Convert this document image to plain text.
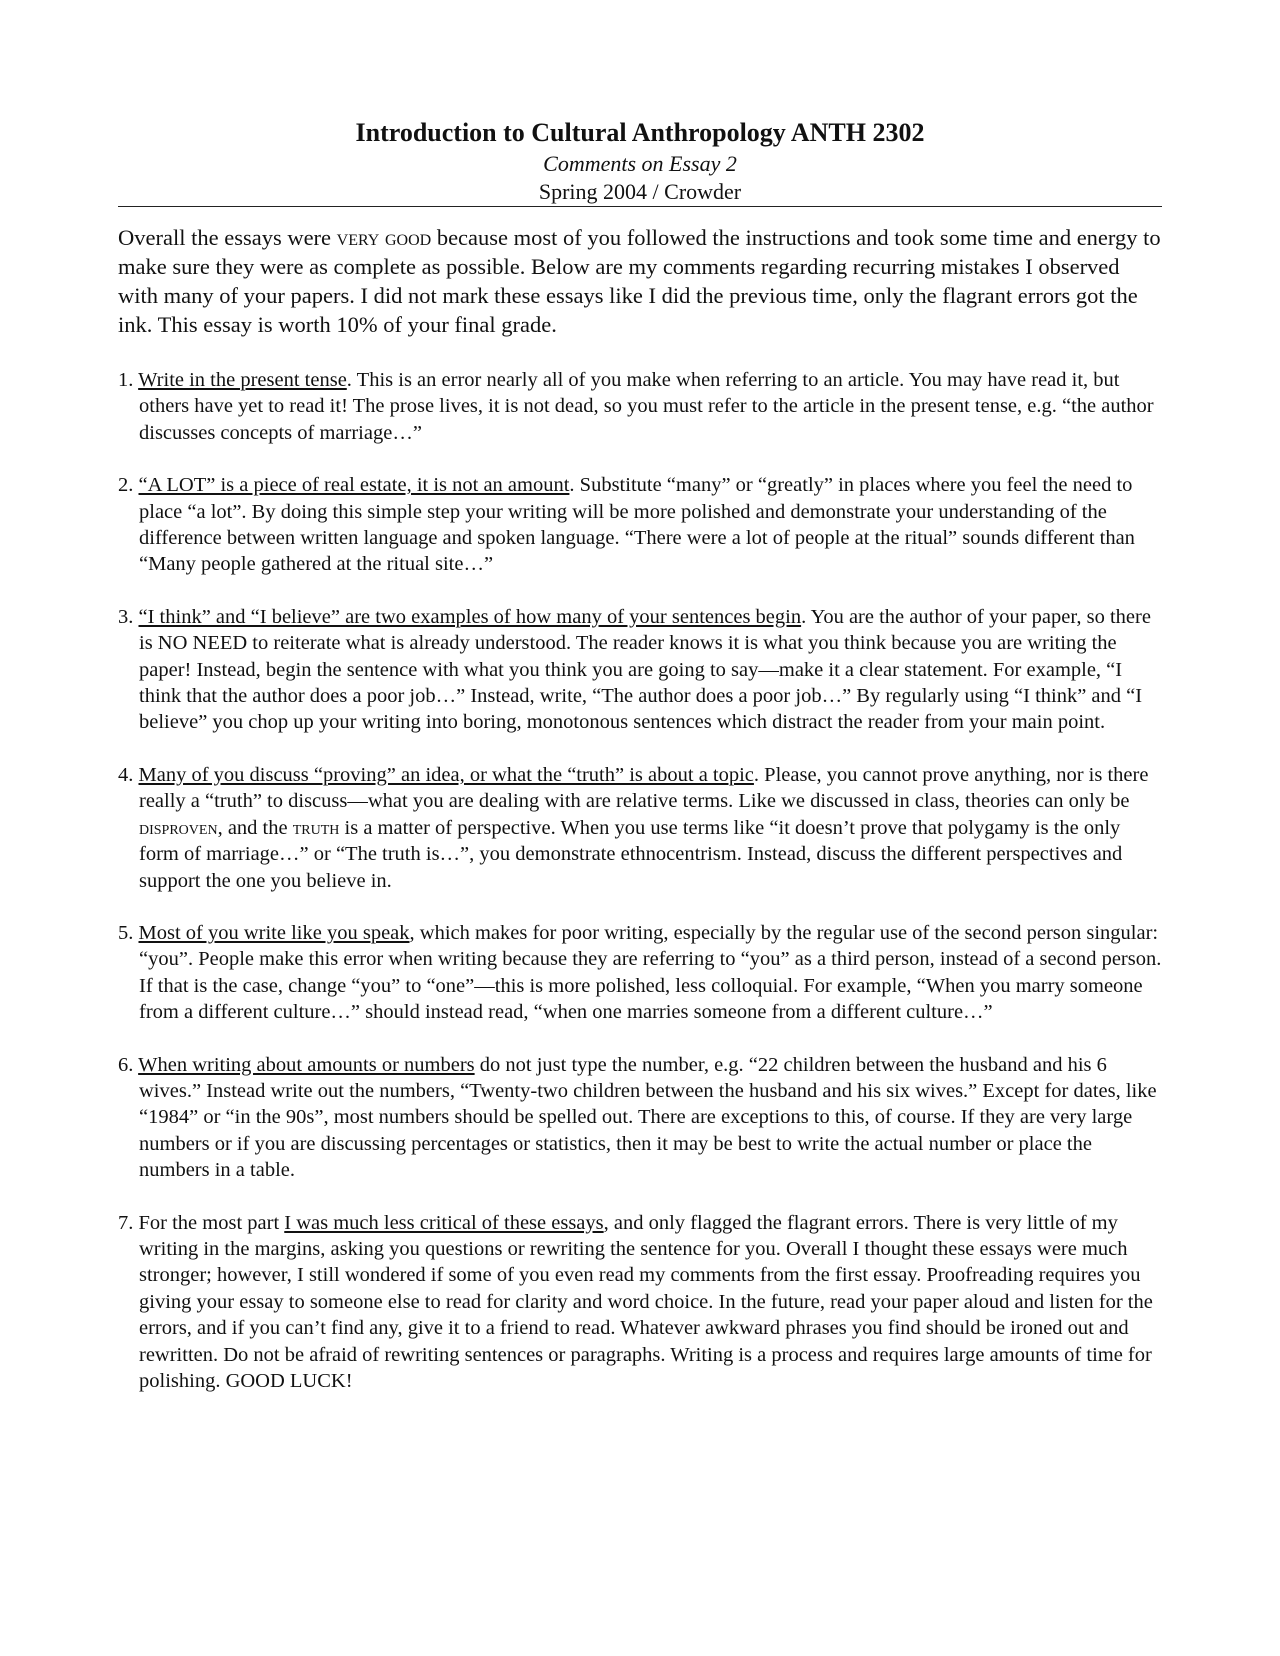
Introduction to Cultural Anthropology ANTH 2302
Comments on Essay 2
Spring 2004 / Crowder

Overall the essays were very good because most of you followed the instructions and took some time and energy to make sure they were as complete as possible. Below are my comments regarding recurring mistakes I observed with many of your papers. I did not mark these essays like I did the previous time, only the flagrant errors got the ink. This essay is worth 10% of your final grade.

1. Write in the present tense. This is an error nearly all of you make when referring to an article. You may have read it, but others have yet to read it! The prose lives, it is not dead, so you must refer to the article in the present tense, e.g. “the author discusses concepts of marriage…”
2. “A LOT” is a piece of real estate, it is not an amount. Substitute “many” or “greatly” in places where you feel the need to place “a lot”. By doing this simple step your writing will be more polished and demonstrate your understanding of the difference between written language and spoken language. “There were a lot of people at the ritual” sounds different than “Many people gathered at the ritual site…”
3. “I think” and “I believe” are two examples of how many of your sentences begin. You are the author of your paper, so there is NO NEED to reiterate what is already understood. The reader knows it is what you think because you are writing the paper! Instead, begin the sentence with what you think you are going to say—make it a clear statement. For example, “I think that the author does a poor job…” Instead, write, “The author does a poor job…” By regularly using “I think” and “I believe” you chop up your writing into boring, monotonous sentences which distract the reader from your main point.
4. Many of you discuss “proving” an idea, or what the “truth” is about a topic. Please, you cannot prove anything, nor is there really a “truth” to discuss—what you are dealing with are relative terms. Like we discussed in class, theories can only be disproven, and the truth is a matter of perspective. When you use terms like “it doesn’t prove that polygamy is the only form of marriage…” or “The truth is…”, you demonstrate ethnocentrism. Instead, discuss the different perspectives and support the one you believe in.
5. Most of you write like you speak, which makes for poor writing, especially by the regular use of the second person singular: “you”. People make this error when writing because they are referring to “you” as a third person, instead of a second person. If that is the case, change “you” to “one”—this is more polished, less colloquial. For example, “When you marry someone from a different culture…” should instead read, “when one marries someone from a different culture…”
6. When writing about amounts or numbers do not just type the number, e.g. “22 children between the husband and his 6 wives.” Instead write out the numbers, “Twenty-two children between the husband and his six wives.” Except for dates, like “1984” or “in the 90s”, most numbers should be spelled out. There are exceptions to this, of course. If they are very large numbers or if you are discussing percentages or statistics, then it may be best to write the actual number or place the numbers in a table.
7. For the most part I was much less critical of these essays, and only flagged the flagrant errors. There is very little of my writing in the margins, asking you questions or rewriting the sentence for you. Overall I thought these essays were much stronger; however, I still wondered if some of you even read my comments from the first essay. Proofreading requires you giving your essay to someone else to read for clarity and word choice. In the future, read your paper aloud and listen for the errors, and if you can’t find any, give it to a friend to read. Whatever awkward phrases you find should be ironed out and rewritten. Do not be afraid of rewriting sentences or paragraphs. Writing is a process and requires large amounts of time for polishing. GOOD LUCK!
